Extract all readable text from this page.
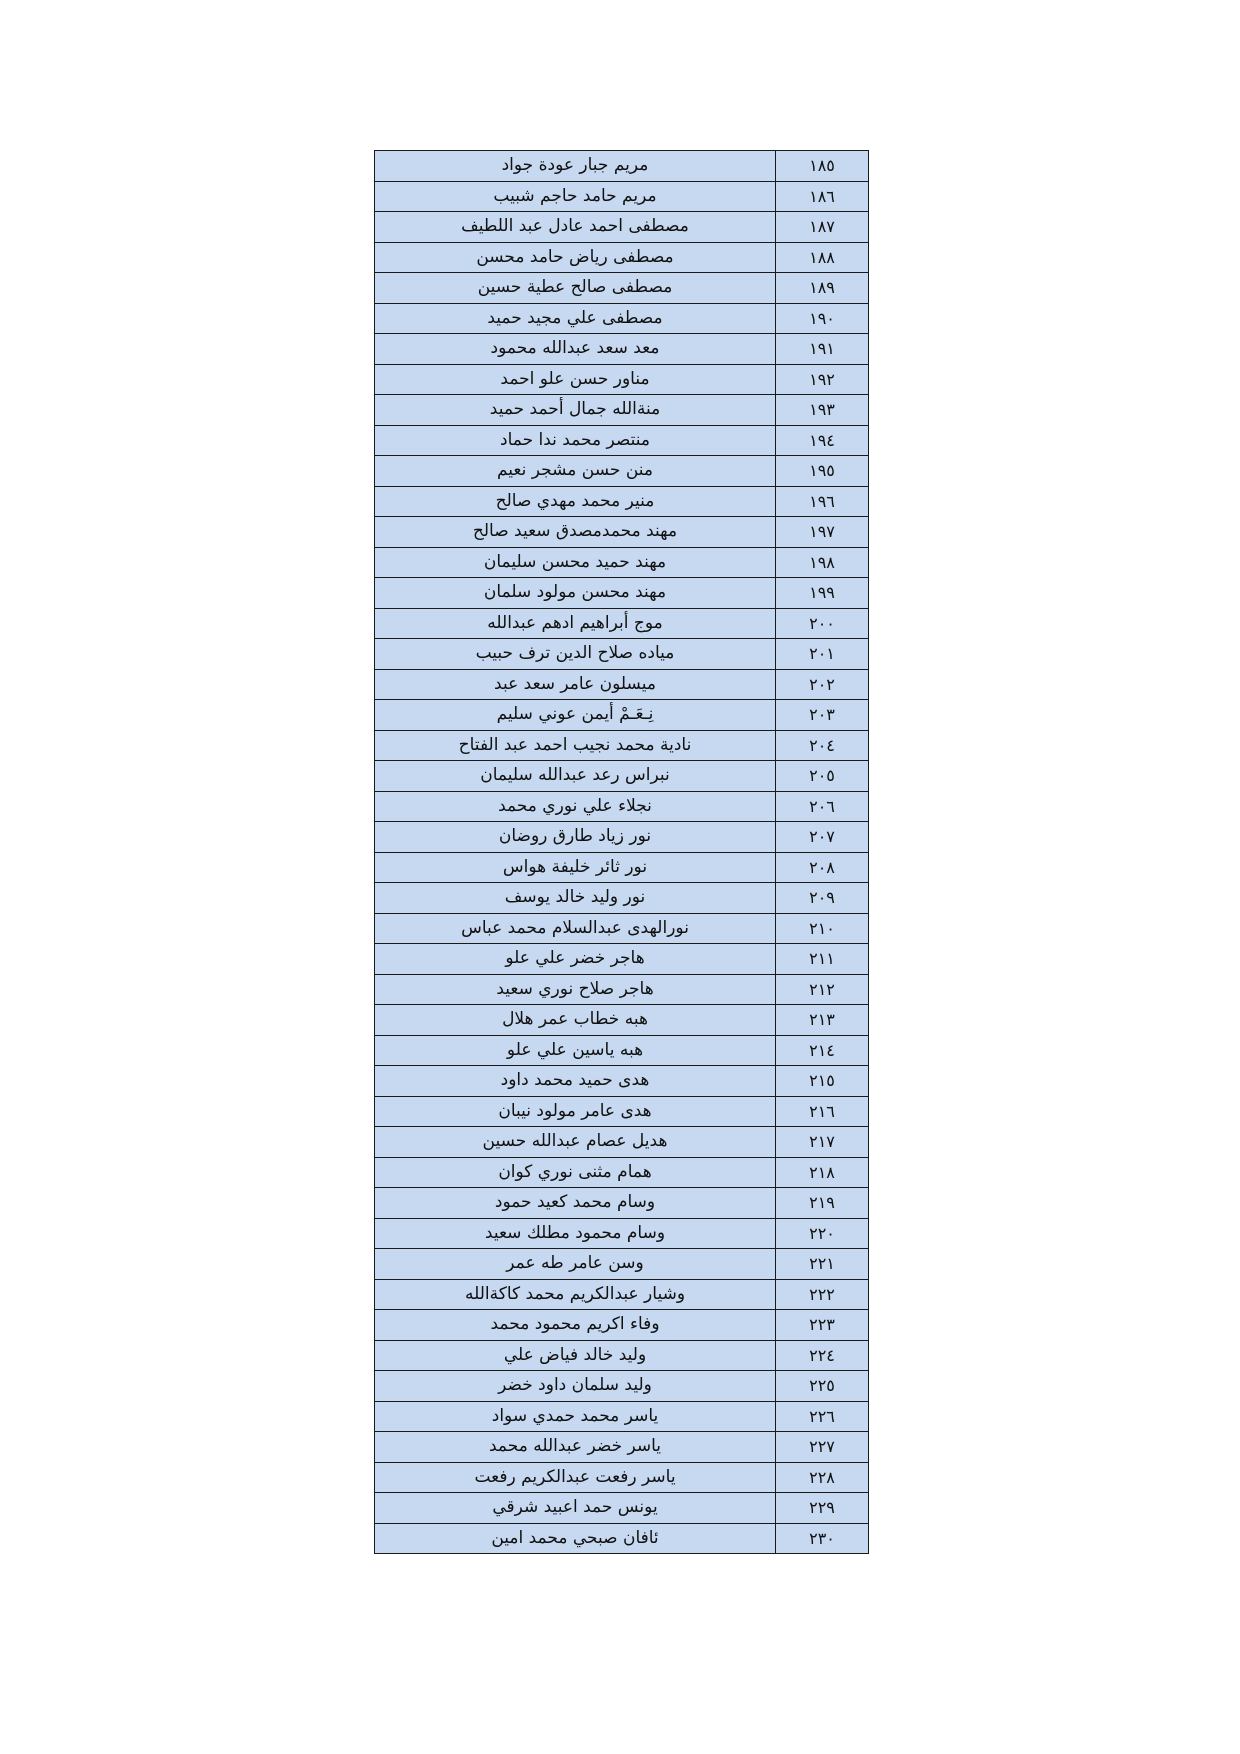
١٨٥	مريم جبار عودة جواد
١٨٦	مريم حامد حاجم شبيب
١٨٧	مصطفى احمد عادل عبد اللطيف
١٨٨	مصطفى رياض حامد محسن
١٨٩	مصطفى صالح عطية حسين
١٩٠	مصطفى علي مجيد حميد
١٩١	معد سعد عبدالله محمود
١٩٢	مناور حسن علو احمد
١٩٣	منةالله جمال أحمد حميد
١٩٤	منتصر محمد ندا حماد
١٩٥	منن حسن مشجر نعيم
١٩٦	منير محمد مهدي صالح
١٩٧	مهند محمدمصدق سعيد صالح
١٩٨	مهند حميد محسن سليمان
١٩٩	مهند محسن مولود سلمان
٢٠٠	موج أبراهيم ادهم عبدالله
٢٠١	مياده صلاح الدين ترف حبيب
٢٠٢	ميسلون عامر سعد عبد
٢٠٣	نِـعَـمْ أيمن عوني سليم
٢٠٤	نادية محمد نجيب احمد عبد الفتاح
٢٠٥	نبراس رعد عبدالله سليمان
٢٠٦	نجلاء علي نوري محمد
٢٠٧	نور زياد طارق روضان
٢٠٨	نور ثائر خليفة هواس
٢٠٩	نور وليد خالد يوسف
٢١٠	نورالهدى عبدالسلام محمد عباس
٢١١	هاجر خضر علي علو
٢١٢	هاجر صلاح نوري سعيد
٢١٣	هبه خطاب عمر هلال
٢١٤	هبه ياسين علي علو
٢١٥	هدى حميد محمد داود
٢١٦	هدى عامر مولود نيبان
٢١٧	هديل عصام عبدالله حسين
٢١٨	همام مثنى نوري كوان
٢١٩	وسام محمد كعيد حمود
٢٢٠	وسام محمود مطلك سعيد
٢٢١	وسن عامر طه عمر
٢٢٢	وشيار عبدالكريم محمد كاكةالله
٢٢٣	وفاء اكريم محمود محمد
٢٢٤	وليد خالد فياض علي
٢٢٥	وليد سلمان داود خضر
٢٢٦	ياسر محمد حمدي سواد
٢٢٧	ياسر خضر عبدالله محمد
٢٢٨	ياسر رفعت عبدالكريم رفعت
٢٢٩	يونس حمد اعبيد شرقي
٢٣٠	ئافان صبحي محمد امين
